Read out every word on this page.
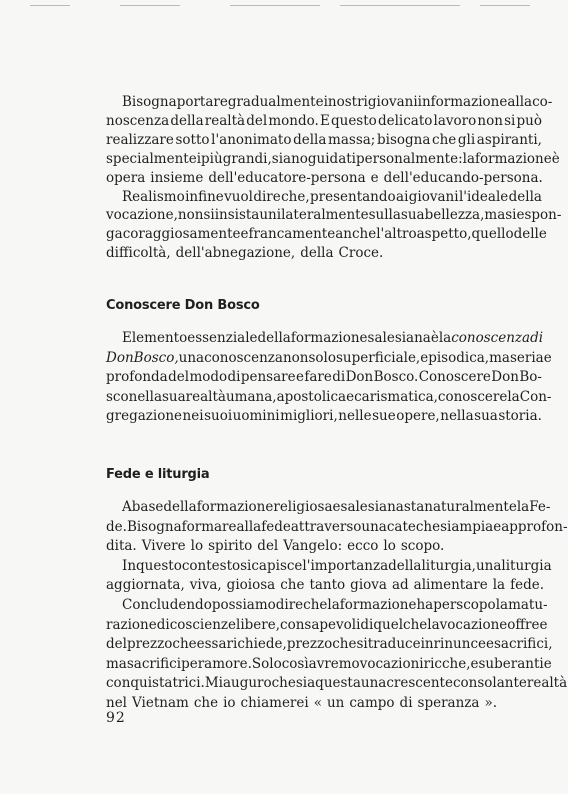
Bisogna portare gradualmente i nostri giovani in formazione alla co-
noscenza della realtà del mondo. E questo delicato lavoro non si può
realizzare sotto l'anonimato della massa; bisogna che gli aspiranti,
specialmente i più grandi, siano guidati personalmente: la formazione è
opera insieme dell'educatore-persona e dell'educando-persona.
Realismo infine vuol dire che, presentando ai giovani l'ideale della
vocazione, non si insista unilateralmente sulla sua bellezza, ma si espon-
ga coraggiosamente e francamente anche l'altro aspetto, quello delle
difficoltà, dell'abnegazione, della Croce.
Conoscere Don Bosco
Elemento essenziale della formazione salesiana è la conoscenza di
Don Bosco, una conoscenza non solo superficiale, episodica, ma seria e
profonda del modo di pensare e fare di Don Bosco. Conoscere Don Bo-
sco nella sua realtà umana, apostolica e carismatica, conoscere la Con-
gregazione nei suoi uomini migliori, nelle sue opere, nella sua storia.
Fede e liturgia
A base della formazione religiosa e salesiana sta naturalmente la Fe-
de. Bisogna formare alla fede attraverso una catechesi ampia e approfon-
dita. Vivere lo spirito del Vangelo: ecco lo scopo.
In questo contesto si capisce l'importanza della liturgia, una liturgia
aggiornata, viva, gioiosa che tanto giova ad alimentare la fede.
Concludendo possiamo dire che la formazione ha per scopo la matu-
razione di coscienze libere, consapevoli di quel che la vocazione offre e
del prezzo che essa richiede, prezzo che si traduce in rinunce e sacrifici,
ma sacrifici per amore. Solo così avremo vocazioni ricche, esuberanti e
conquistatrici. Mi auguro che sia questa una crescente consolante realtà
nel Vietnam che io chiamerei « un campo di speranza ».
92
